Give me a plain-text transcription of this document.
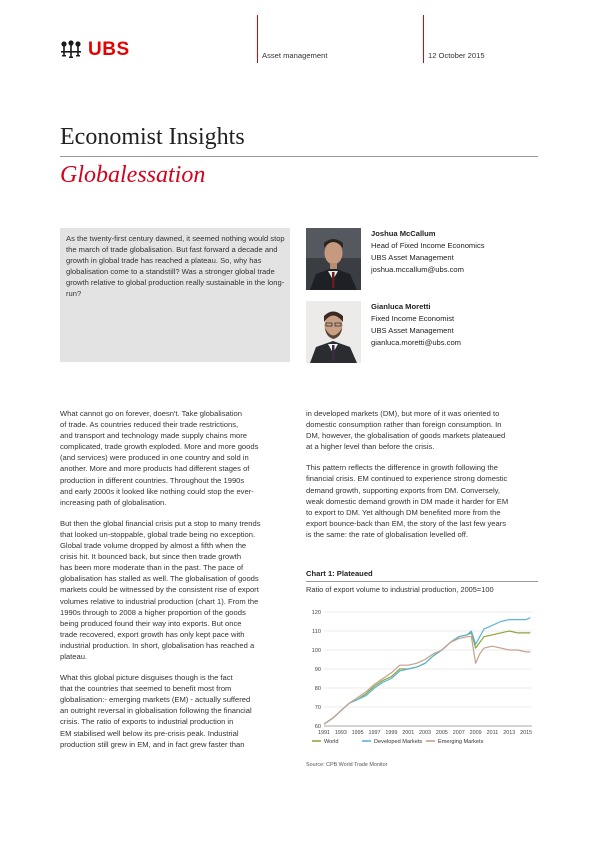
UBS	Asset management	12 October 2015
Economist Insights
Globalessation
As the twenty-first century dawned, it seemed nothing would stop the march of trade globalisation. But fast forward a decade and growth in global trade has reached a plateau. So, why has globalisation come to a standstill? Was a stronger global trade growth relative to global production really sustainable in the long-run?
Joshua McCallum
Head of Fixed Income Economics
UBS Asset Management
joshua.mccallum@ubs.com
Gianluca Moretti
Fixed Income Economist
UBS Asset Management
gianluca.moretti@ubs.com

What cannot go on forever, doesn't. Take globalisation
of trade. As countries reduced their trade restrictions,
and transport and technology made supply chains more
complicated, trade growth exploded. More and more goods
(and services) were produced in one country and sold in
another. More and more products had different stages of
production in different countries. Throughout the 1990s
and early 2000s it looked like nothing could stop the ever-
increasing path of globalisation.

But then the global financial crisis put a stop to many trends
that looked un-stoppable, global trade being no exception.
Global trade volume dropped by almost a fifth when the
crisis hit. It bounced back, but since then trade growth
has been more moderate than in the past. The pace of
globalisation has stalled as well. The globalisation of goods
markets could be witnessed by the consistent rise of export
volumes relative to industrial production (chart 1). From the
1990s through to 2008 a higher proportion of the goods
being produced found their way into exports. But once
trade recovered, export growth has only kept pace with
industrial production. In short, globalisation has reached a
plateau.

What this global picture disguises though is the fact
that the countries that seemed to benefit most from
globalisation:- emerging markets (EM) - actually suffered
an outright reversal in globalisation following the financial
crisis. The ratio of exports to industrial production in
EM stabilised well below its pre-crisis peak. Industrial
production still grew in EM, and in fact grew faster than

in developed markets (DM), but more of it was oriented to
domestic consumption rather than foreign consumption. In
DM, however, the globalisation of goods markets plateaued
at a higher level than before the crisis.

This pattern reflects the difference in growth following the
financial crisis. EM continued to experience strong domestic
demand growth, supporting exports from DM. Conversely,
weak domestic demand growth in DM made it harder for EM
to export to DM. Yet although DM benefited more from the
export bounce-back than EM, the story of the last few years
is the same: the rate of globalisation levelled off.

Chart 1: Plateaued
Ratio of export volume to industrial production, 2005=100
60
70
80
90
100
110
120
1991 1993 1995 1997 1999 2001 2003 2005 2007 2009 2011 2013 2015
World	Developed Markets	Emerging Markets
Source: CPB World Trade Monitor
